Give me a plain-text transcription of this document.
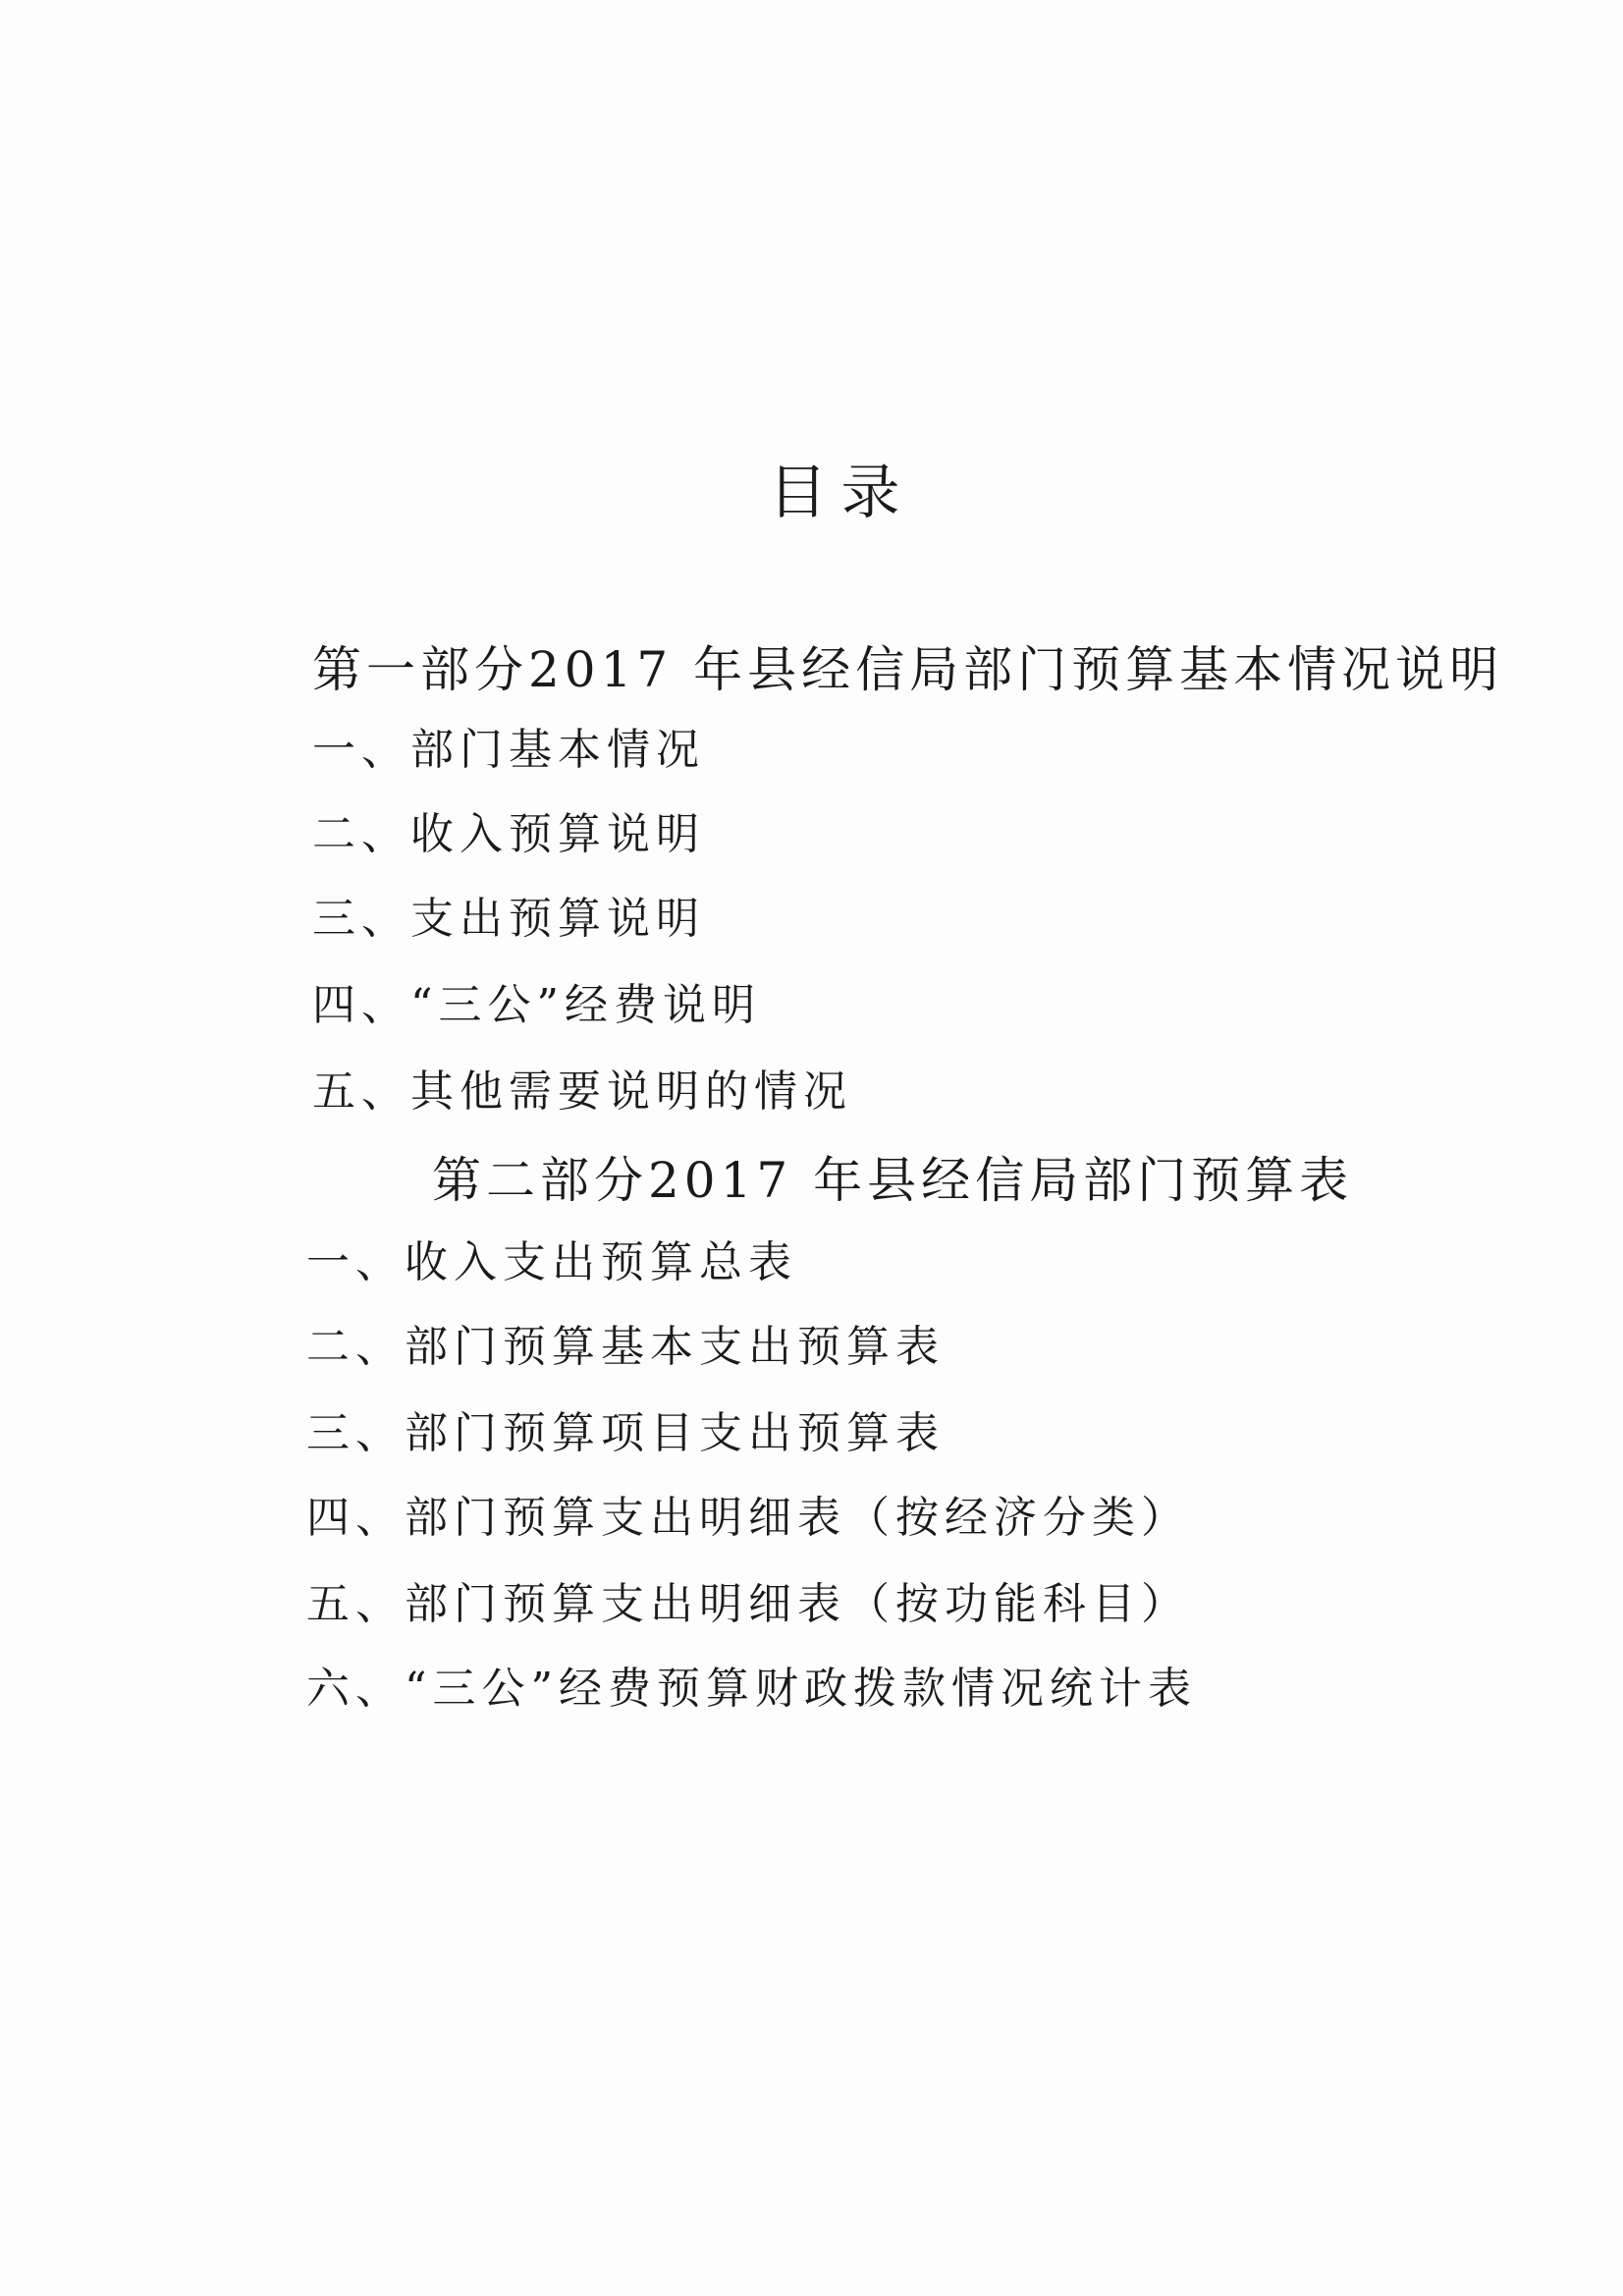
目录
第一部分2017 年县经信局部门预算基本情况说明
一、部门基本情况
二、收入预算说明
三、支出预算说明
四、“三公”经费说明
五、其他需要说明的情况
第二部分2017 年县经信局部门预算表
一、收入支出预算总表
二、部门预算基本支出预算表
三、部门预算项目支出预算表
四、部门预算支出明细表（按经济分类）
五、部门预算支出明细表（按功能科目）
六、“三公”经费预算财政拨款情况统计表
